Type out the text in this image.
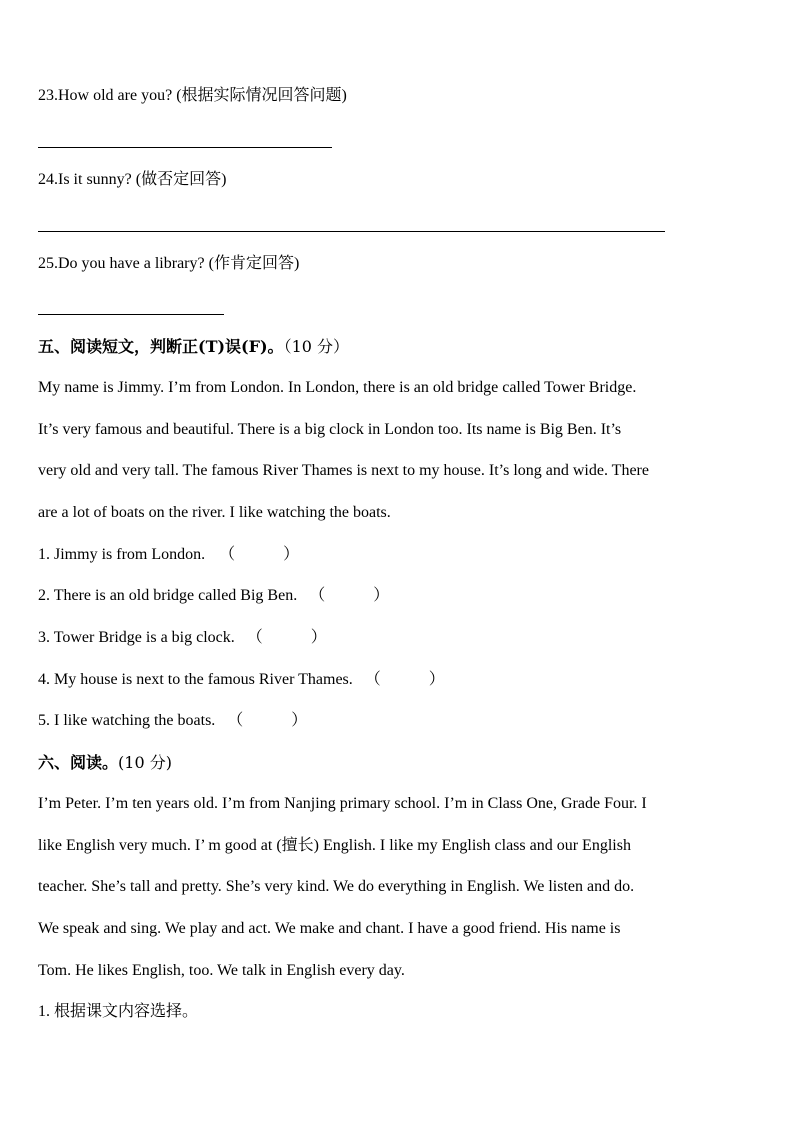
23.How old are you? (根据实际情况回答问题)
24.Is it sunny? (做否定回答)
25.Do you have a library? (作肯定回答)
五、阅读短文，判断正(T)误(F)。（10 分）
My name is Jimmy. I’m from London. In London, there is an old bridge called Tower Bridge.
It’s very famous and beautiful. There is a big clock in London too. Its name is Big Ben. It’s
very old and very tall. The famous River Thames is next to my house. It’s long and wide. There
are a lot of boats on the river. I like watching the boats.
1. Jimmy is from London. （　　　）
2. There is an old bridge called Big Ben. （　　　）
3. Tower Bridge is a big clock. （　　　）
4. My house is next to the famous River Thames. （　　　）
5. I like watching the boats. （　　　）
六、阅读。(10 分)
I’m Peter. I’m ten years old. I’m from Nanjing primary school. I’m in Class One, Grade Four. I
like English very much. I’ m good at (擅长) English. I like my English class and our English
teacher. She’s tall and pretty. She’s very kind. We do everything in English. We listen and do.
We speak and sing. We play and act. We make and chant. I have a good friend. His name is
Tom. He likes English, too. We talk in English every day.
1. 根据课文内容选择。
